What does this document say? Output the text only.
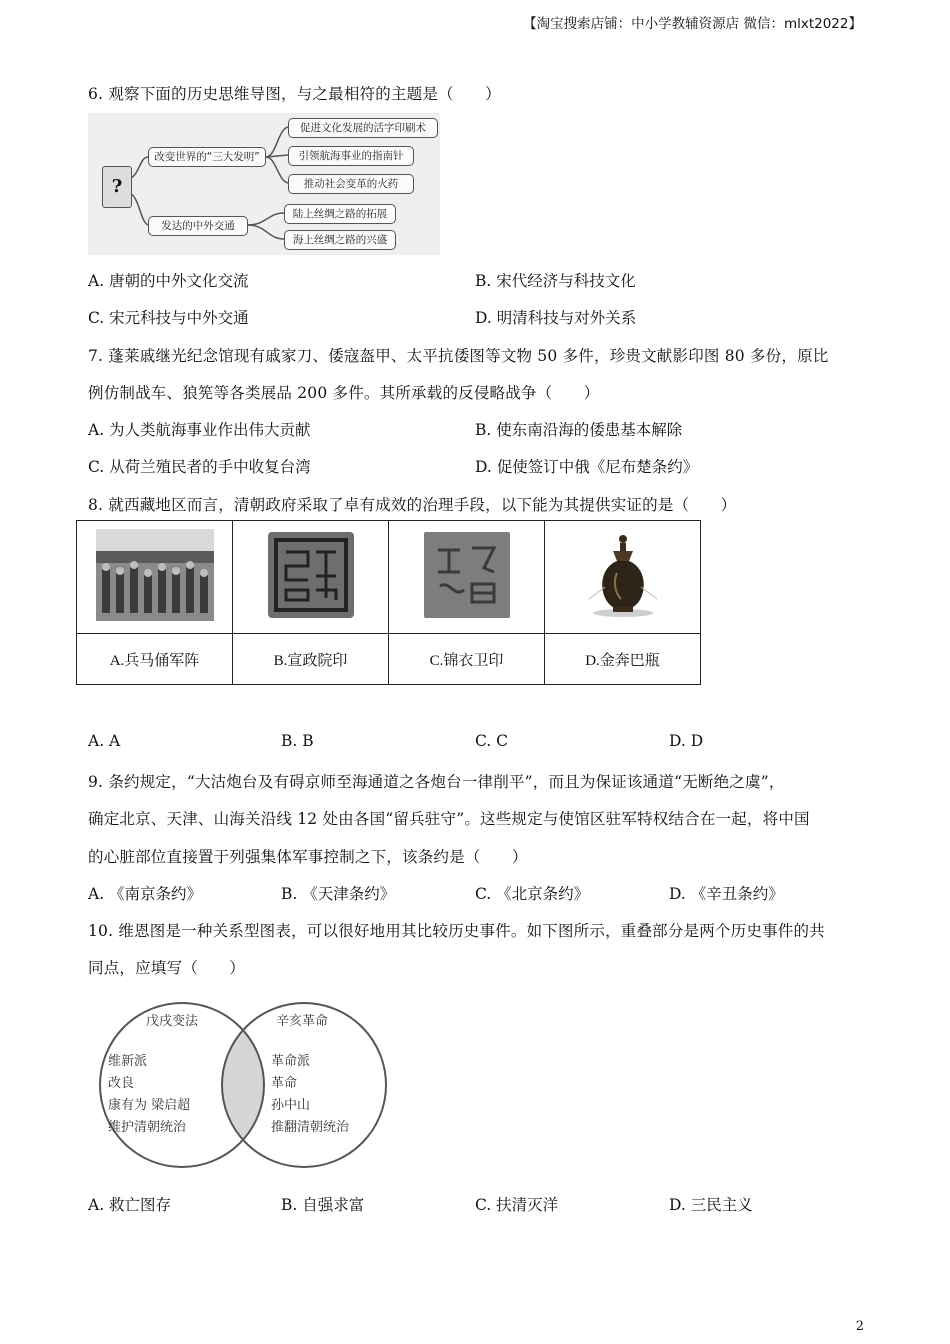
【淘宝搜索店铺：中小学教辅资源店 微信：mlxt2022】
6. 观察下面的历史思维导图，与之最相符的主题是（　　）
?
改变世界的“三大发明”
促进文化发展的活字印刷术
引领航海事业的指南针
推动社会变革的火药
发达的中外交通
陆上丝绸之路的拓展
海上丝绸之路的兴盛
A. 唐朝的中外文化交流	B. 宋代经济与科技文化
C. 宋元科技与中外交通	D. 明清科技与对外关系
7. 蓬莱戚继光纪念馆现有戚家刀、倭寇盔甲、太平抗倭图等文物 50 多件，珍贵文献影印图 80 多份，原比
例仿制战车、狼筅等各类展品 200 多件。其所承载的反侵略战争（　　）
A. 为人类航海事业作出伟大贡献	B. 使东南沿海的倭患基本解除
C. 从荷兰殖民者的手中收复台湾	D. 促使签订中俄《尼布楚条约》
8. 就西藏地区而言，清朝政府采取了卓有成效的治理手段，以下能为其提供实证的是（　　）

A.兵马俑军阵	B.宣政院印	C.锦衣卫印	D.金奔巴瓶
A. A	B. B	C. C	D. D
9. 条约规定，“大沽炮台及有碍京师至海通道之各炮台一律削平”，而且为保证该通道“无断绝之虞”，
确定北京、天津、山海关沿线 12 处由各国“留兵驻守”。这些规定与使馆区驻军特权结合在一起，将中国
的心脏部位直接置于列强集体军事控制之下，该条约是（　　）
A. 《南京条约》	B. 《天津条约》	C. 《北京条约》	D. 《辛丑条约》
10. 维恩图是一种关系型图表，可以很好地用其比较历史事件。如下图所示，重叠部分是两个历史事件的共
同点，应填写（　　）
戊戌变法
维新派
改良
康有为 梁启超
维护清朝统治
辛亥革命
革命派
革命
孙中山
推翻清朝统治
A. 救亡图存	B. 自强求富	C. 扶清灭洋	D. 三民主义
2
